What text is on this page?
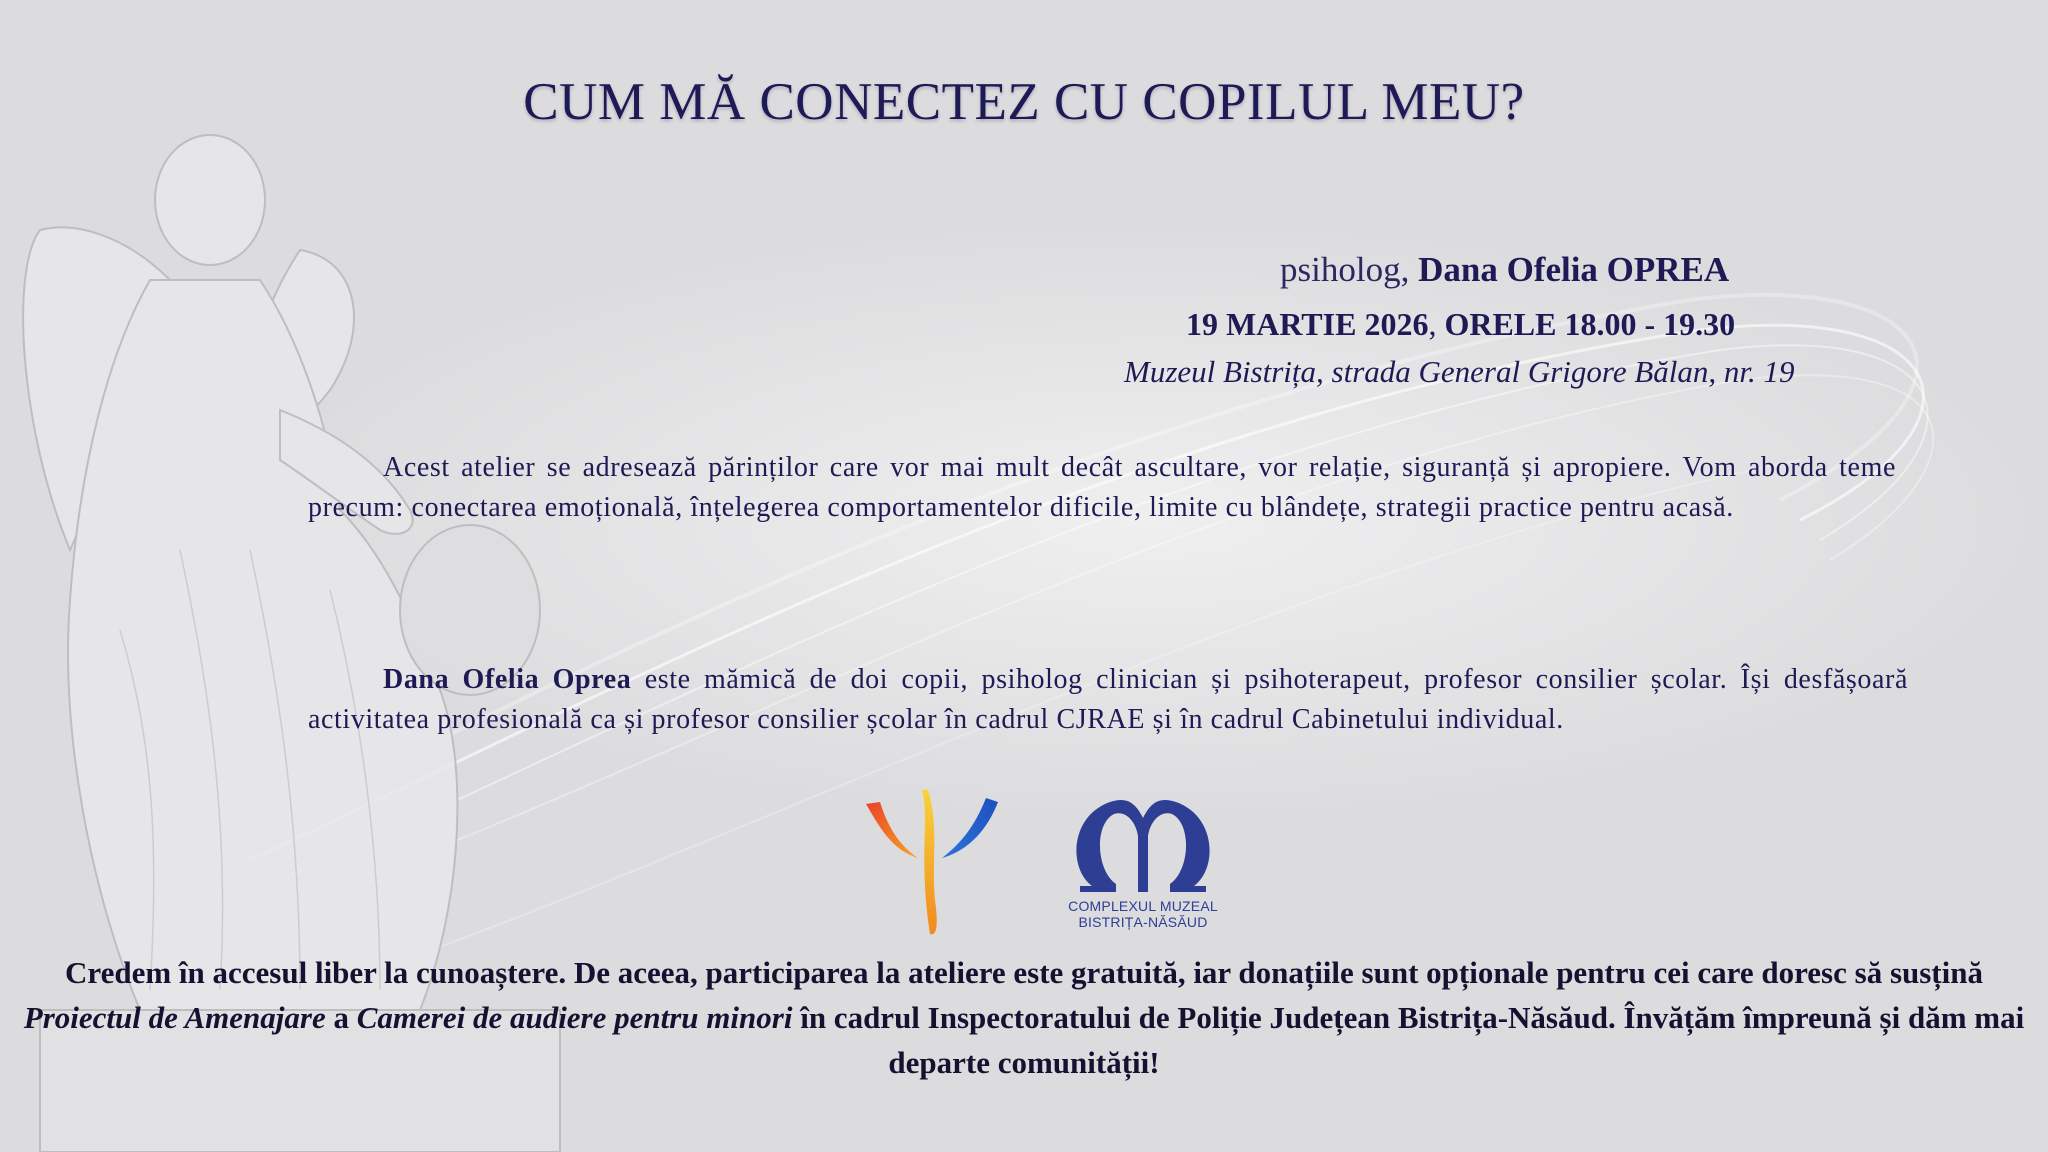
CUM MĂ CONECTEZ CU COPILUL MEU?
psiholog, Dana Ofelia OPREA
19 MARTIE 2026, ORELE 18.00 - 19.30
Muzeul Bistrița, strada General Grigore Bălan, nr. 19
Acest atelier se adresează părinților care vor mai mult decât ascultare, vor relație, siguranță și apropiere. Vom aborda teme precum: conectarea emoțională, înțelegerea comportamentelor dificile, limite cu blândețe, strategii practice pentru acasă.
Dana Ofelia Oprea este mămică de doi copii, psiholog clinician și psihoterapeut, profesor consilier școlar. Își desfășoară activitatea profesională ca și profesor consilier școlar în cadrul CJRAE și în cadrul Cabinetului individual.
COMPLEXUL MUZEAL
BISTRIȚA-NĂSĂUD
Credem în accesul liber la cunoaștere. De aceea, participarea la ateliere este gratuită, iar donațiile sunt opționale pentru cei care doresc să susțină Proiectul de Amenajare a Camerei de audiere pentru minori în cadrul Inspectoratului de Poliție Județean Bistrița-Năsăud. Învățăm împreună și dăm mai departe comunității!
